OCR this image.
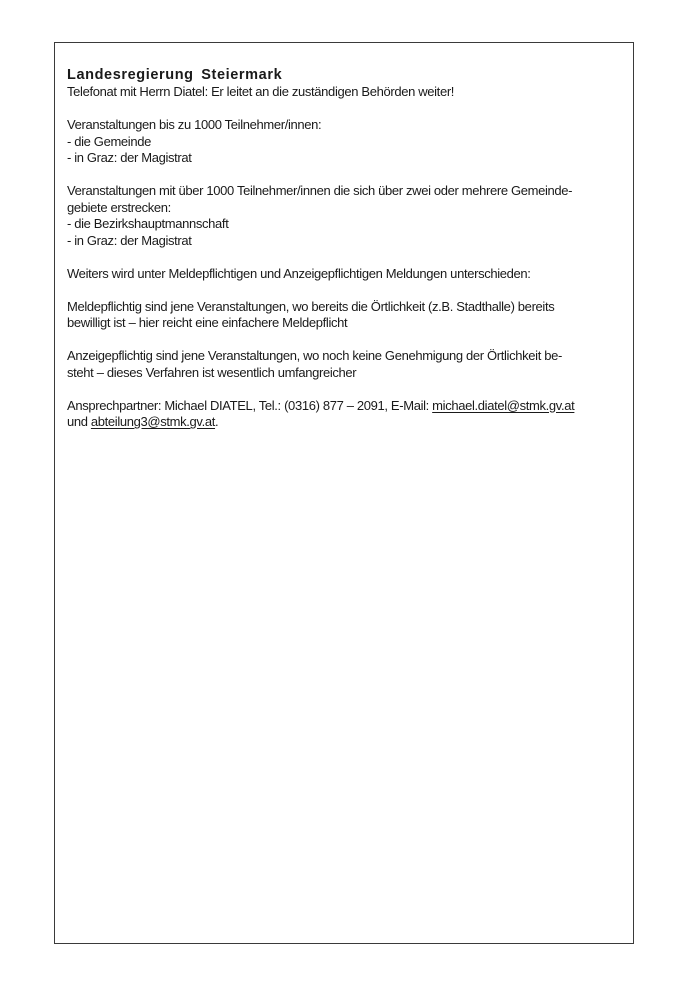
Landesregierung Steiermark
Telefonat mit Herrn Diatel: Er leitet an die zuständigen Behörden weiter!
Veranstaltungen bis zu 1000 Teilnehmer/innen:
- die Gemeinde
- in Graz: der Magistrat
Veranstaltungen mit über 1000 Teilnehmer/innen die sich über zwei oder mehrere Gemeinde-
gebiete erstrecken:
- die Bezirkshauptmannschaft
- in Graz: der Magistrat
Weiters wird unter Meldepflichtigen und Anzeigepflichtigen Meldungen unterschieden:
Meldepflichtig sind jene Veranstaltungen, wo bereits die Örtlichkeit (z.B. Stadthalle) bereits
bewilligt ist – hier reicht eine einfachere Meldepflicht
Anzeigepflichtig sind jene Veranstaltungen, wo noch keine Genehmigung der Örtlichkeit be-
steht – dieses Verfahren ist wesentlich umfangreicher
Ansprechpartner: Michael DIATEL, Tel.: (0316) 877 – 2091, E-Mail: michael.diatel@stmk.gv.at
und abteilung3@stmk.gv.at.
